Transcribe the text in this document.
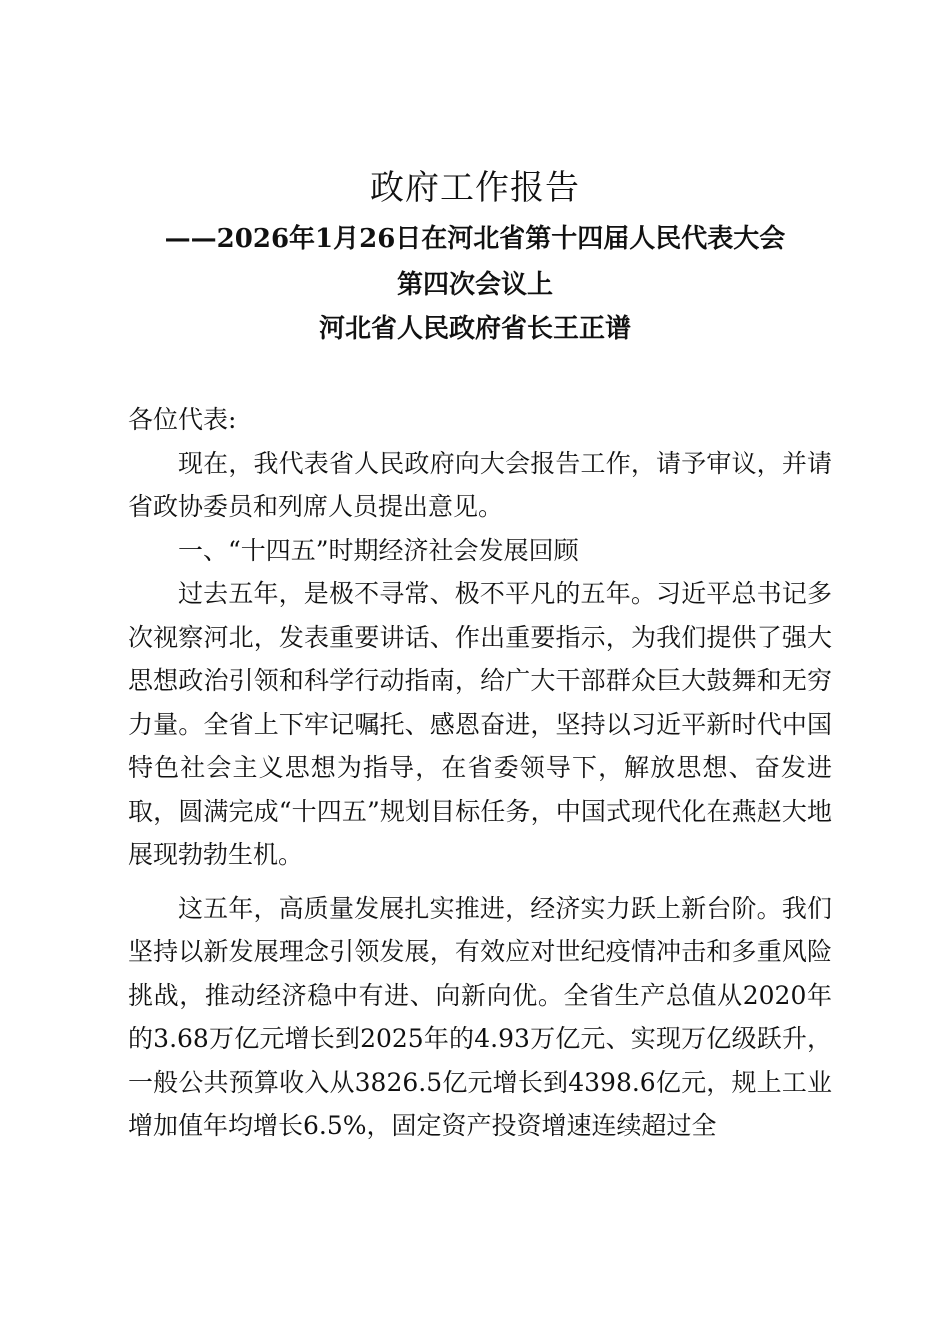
政府工作报告
——2026年1月26日在河北省第十四届人民代表大会
第四次会议上
河北省人民政府省长王正谱

各位代表:

现在，我代表省人民政府向大会报告工作，请予审议，并请省政协委员和列席人员提出意见。

一、“十四五”时期经济社会发展回顾

过去五年，是极不寻常、极不平凡的五年。习近平总书记多次视察河北，发表重要讲话、作出重要指示，为我们提供了强大思想政治引领和科学行动指南，给广大干部群众巨大鼓舞和无穷力量。全省上下牢记嘱托、感恩奋进，坚持以习近平新时代中国特色社会主义思想为指导，在省委领导下，解放思想、奋发进取，圆满完成“十四五”规划目标任务，中国式现代化在燕赵大地展现勃勃生机。

这五年，高质量发展扎实推进，经济实力跃上新台阶。我们坚持以新发展理念引领发展，有效应对世纪疫情冲击和多重风险挑战，推动经济稳中有进、向新向优。全省生产总值从2020年的3.68万亿元增长到2025年的4.93万亿元、实现万亿级跃升，一般公共预算收入从3826.5亿元增长到4398.6亿元，规上工业增加值年均增长6.5%，固定资产投资增速连续超过全
